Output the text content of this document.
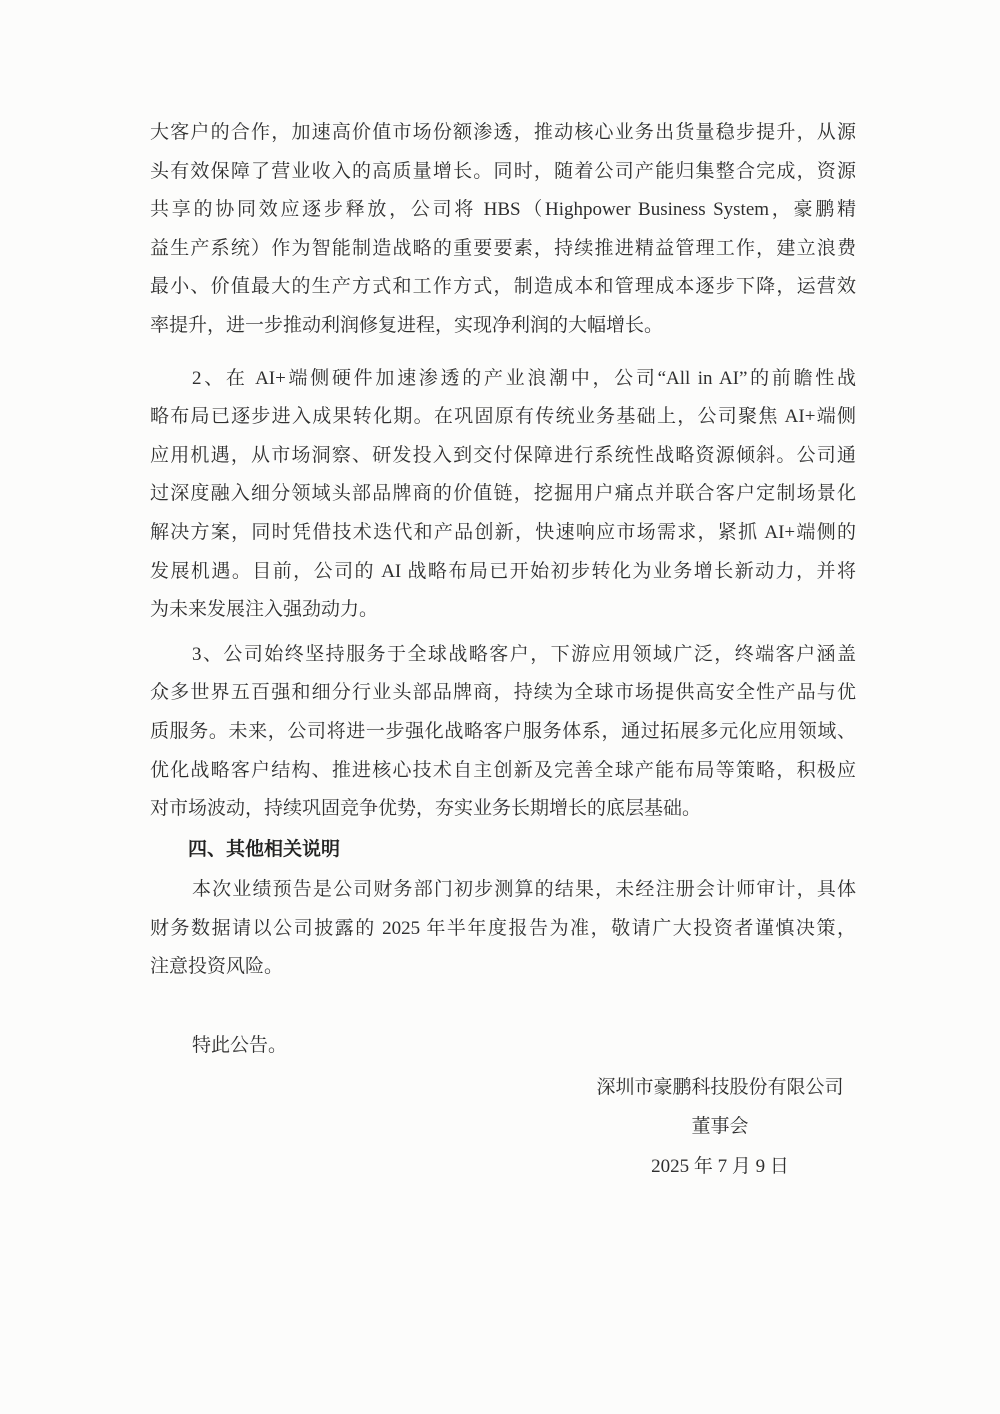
大客户的合作，加速高价值市场份额渗透，推动核心业务出货量稳步提升，从源
头有效保障了营业收入的高质量增长。同时，随着公司产能归集整合完成，资源
共享的协同效应逐步释放，公司将 HBS（Highpower Business System，豪鹏精
益生产系统）作为智能制造战略的重要要素，持续推进精益管理工作，建立浪费
最小、价值最大的生产方式和工作方式，制造成本和管理成本逐步下降，运营效
率提升，进一步推动利润修复进程，实现净利润的大幅增长。
2、在 AI+端侧硬件加速渗透的产业浪潮中，公司“All in AI”的前瞻性战
略布局已逐步进入成果转化期。在巩固原有传统业务基础上，公司聚焦 AI+端侧
应用机遇，从市场洞察、研发投入到交付保障进行系统性战略资源倾斜。公司通
过深度融入细分领域头部品牌商的价值链，挖掘用户痛点并联合客户定制场景化
解决方案，同时凭借技术迭代和产品创新，快速响应市场需求，紧抓 AI+端侧的
发展机遇。目前，公司的 AI 战略布局已开始初步转化为业务增长新动力，并将
为未来发展注入强劲动力。
3、公司始终坚持服务于全球战略客户，下游应用领域广泛，终端客户涵盖
众多世界五百强和细分行业头部品牌商，持续为全球市场提供高安全性产品与优
质服务。未来，公司将进一步强化战略客户服务体系，通过拓展多元化应用领域、
优化战略客户结构、推进核心技术自主创新及完善全球产能布局等策略，积极应
对市场波动，持续巩固竞争优势，夯实业务长期增长的底层基础。
四、其他相关说明
本次业绩预告是公司财务部门初步测算的结果，未经注册会计师审计，具体
财务数据请以公司披露的 2025 年半年度报告为准，敬请广大投资者谨慎决策，
注意投资风险。
特此公告。
深圳市豪鹏科技股份有限公司
董事会
2025 年 7 月 9 日
